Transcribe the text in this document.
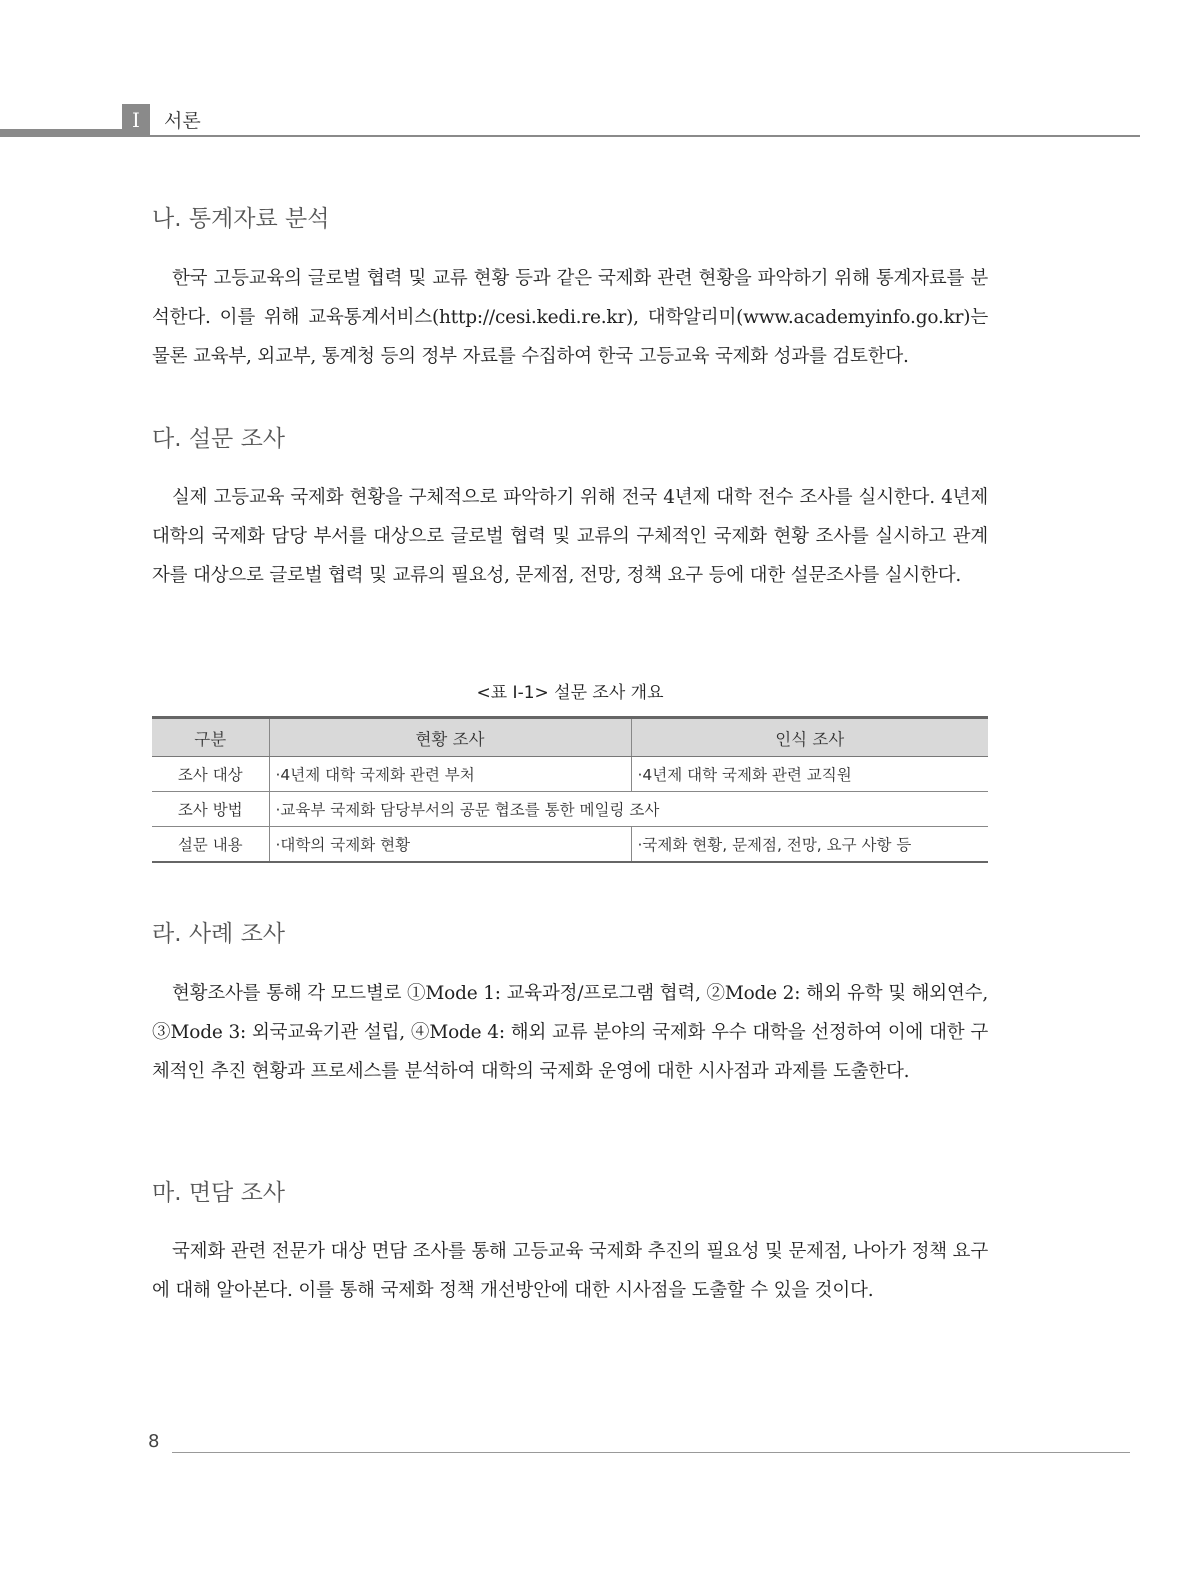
I	서론
나. 통계자료 분석

한국 고등교육의 글로벌 협력 및 교류 현황 등과 같은 국제화 관련 현황을 파악하기 위해 통계자료를 분석한다. 이를 위해 교육통계서비스(http://cesi.kedi.re.kr), 대학알리미(www.academyinfo.go.kr)는 물론 교육부, 외교부, 통계청 등의 정부 자료를 수집하여 한국 고등교육 국제화 성과를 검토한다.

다. 설문 조사

실제 고등교육 국제화 현황을 구체적으로 파악하기 위해 전국 4년제 대학 전수 조사를 실시한다. 4년제 대학의 국제화 담당 부서를 대상으로 글로벌 협력 및 교류의 구체적인 국제화 현황 조사를 실시하고 관계자를 대상으로 글로벌 협력 및 교류의 필요성, 문제점, 전망, 정책 요구 등에 대한 설문조사를 실시한다.

<표 Ⅰ-1> 설문 조사 개요
구분	현황 조사	인식 조사
조사 대상	·4년제 대학 국제화 관련 부처	·4년제 대학 국제화 관련 교직원
조사 방법	·교육부 국제화 담당부서의 공문 협조를 통한 메일링 조사	
설문 내용	·대학의 국제화 현황	·국제화 현황, 문제점, 전망, 요구 사항 등
라. 사례 조사

현황조사를 통해 각 모드별로 ①Mode 1: 교육과정/프로그램 협력, ②Mode 2: 해외 유학 및 해외연수, ③Mode 3: 외국교육기관 설립, ④Mode 4: 해외 교류 분야의 국제화 우수 대학을 선정하여 이에 대한 구체적인 추진 현황과 프로세스를 분석하여 대학의 국제화 운영에 대한 시사점과 과제를 도출한다.

마. 면담 조사

국제화 관련 전문가 대상 면담 조사를 통해 고등교육 국제화 추진의 필요성 및 문제점, 나아가 정책 요구에 대해 알아본다. 이를 통해 국제화 정책 개선방안에 대한 시사점을 도출할 수 있을 것이다.

8
